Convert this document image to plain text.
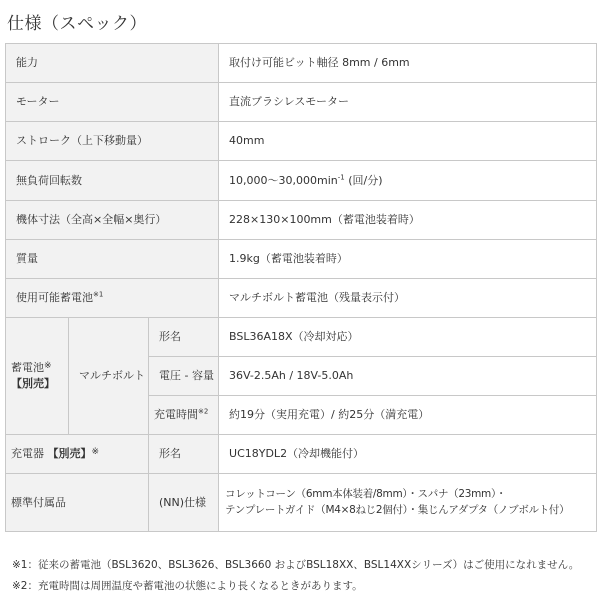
仕様（スペック）
能力			取付け可能ビット軸径 8mm / 6mm
モーター			直流ブラシレスモーター
ストローク（上下移動量）			40mm
無負荷回転数			$10,000\sim 30,000\min^{-1}$ (回/分)
機体寸法（全高×全幅×奥行）			228×130×100mm（蓄電池装着時）
質量			1.9kg（蓄電池装着時）
使用可能蓄電池$^{※1}$			マルチボルト蓄電池（残量表示付）

蓄電池※
【別売】	マルチボルト	形名	BSL36A18X（冷却対応）
		電圧 - 容量	36V-2.5Ah / 18V-5.0Ah
		充電時間$^{※2}$	約19分（実用充電）/ 約25分（満充電）
充電器 【別売】※		形名	UC18YDL2（冷却機能付）
標準付属品		(NN)仕様	コレットコーン（6mm本体装着/8mm）・スパナ（23mm）・
テンプレートガイド（M4×8ねじ2個付）・集じんアダプタ（ノブボルト付）
※1：従来の蓄電池（BSL3620、BSL3626、BSL3660 およびBSL18XX、BSL14XXシリーズ）はご使用になれません。
※2：充電時間は周囲温度や蓄電池の状態により長くなるときがあります。
